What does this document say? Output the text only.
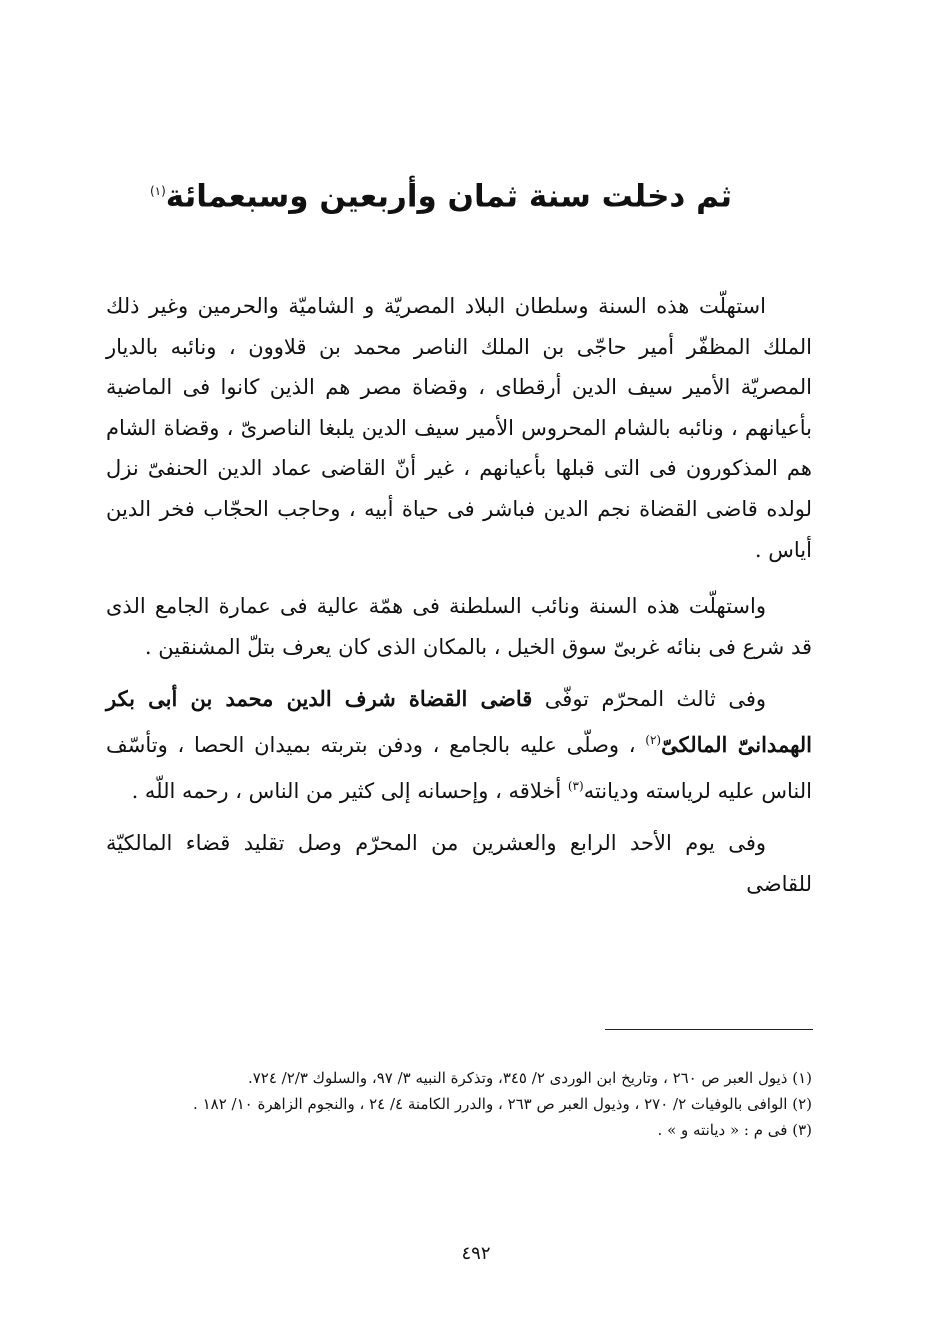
ثم دخلت سنة ثمان وأربعين وسبعمائة$^{(١)}$

استهلّت هذه السنة وسلطان البلاد المصريّة و الشاميّة والحرمين وغير ذلك الملك المظفّر أمير حاجّى بن الملك الناصر محمد بن قلاوون ، ونائبه بالديار المصريّة الأمير سيف الدين أرقطاى ، وقضاة مصر هم الذين كانوا فى الماضية بأعيانهم ، ونائبه بالشام المحروس الأمير سيف الدين يلبغا الناصرىّ ، وقضاة الشام هم المذكورون فى التى قبلها بأعيانهم ، غير أنّ القاضى عماد الدين الحنفىّ نزل لولده قاضى القضاة نجم الدين فباشر فى حياة أبيه ، وحاجب الحجّاب فخر الدين أياس .

واستهلّت هذه السنة ونائب السلطنة فى همّة عالية فى عمارة الجامع الذى قد شرع فى بنائه غربىّ سوق الخيل ، بالمكان الذى كان يعرف بتلّ المشنقين .

وفى ثالث المحرّم توفّى قاضى القضاة شرف الدين محمد بن أبى بكر الهمدانىّ المالكىّ$^{(٢)}$ ، وصلّى عليه بالجامع ، ودفن بتربته بميدان الحصا ، وتأسّف الناس عليه لرياسته وديانته$^{(٣)}$ أخلاقه ، وإحسانه إلى كثير من الناس ، رحمه اللّه .

وفى يوم الأحد الرابع والعشرين من المحرّم وصل تقليد قضاء المالكيّة للقاضى

(١) ذيول العبر ص ٢٦٠ ، وتاريخ ابن الوردى ٢/ ٣٤٥، وتذكرة النبيه ٣/ ٩٧، والسلوك ٢/٣/ ٧٢٤.
(٢) الوافى بالوفيات ٢/ ٢٧٠ ، وذيول العبر ص ٢٦٣ ، والدرر الكامنة ٤/ ٢٤ ، والنجوم الزاهرة ١٠/ ١٨٢ .
(٣) فى م : « ديانته و » .
٤٩٢
